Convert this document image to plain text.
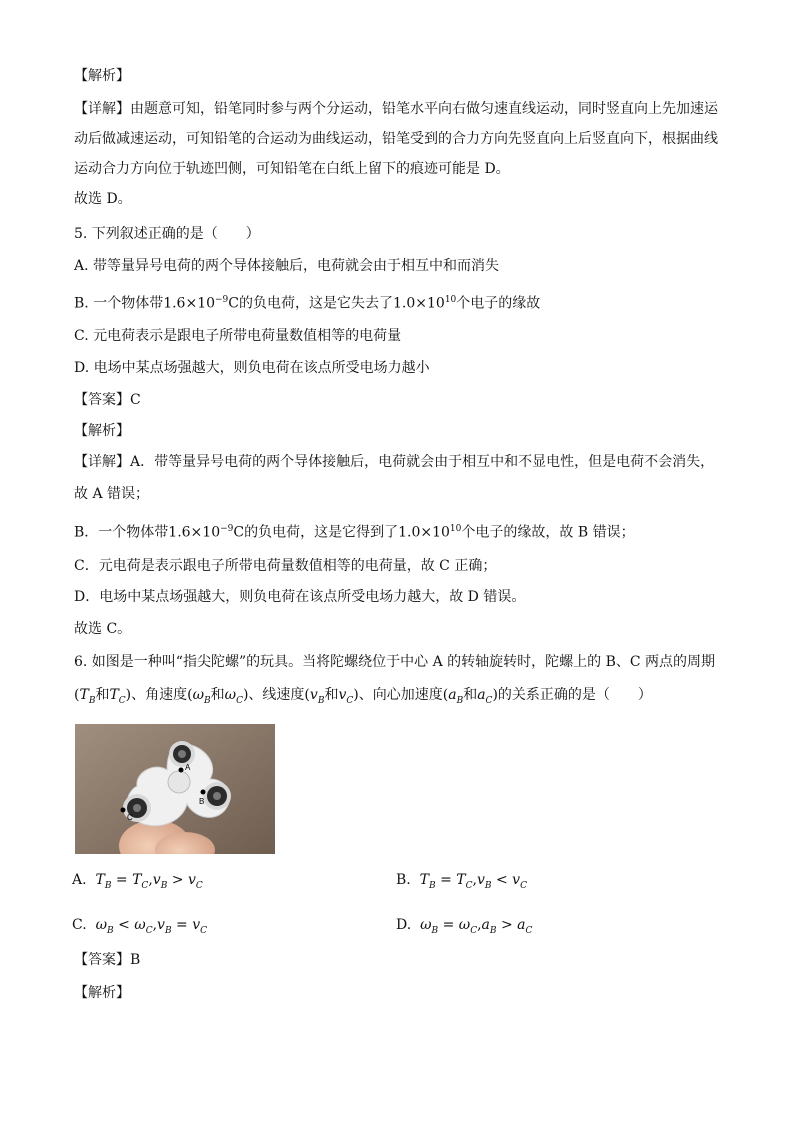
【解析】
【详解】由题意可知，铅笔同时参与两个分运动，铅笔水平向右做匀速直线运动，同时竖直向上先加速运
动后做减速运动，可知铅笔的合运动为曲线运动，铅笔受到的合力方向先竖直向上后竖直向下，根据曲线
运动合力方向位于轨迹凹侧，可知铅笔在白纸上留下的痕迹可能是 D。
故选 D。
5. 下列叙述正确的是（　　）
A. 带等量异号电荷的两个导体接触后，电荷就会由于相互中和而消失
B. 一个物体带$1.6\times 10^{-9}C$的负电荷，这是它失去了$1.0\times 10^{10}$个电子的缘故
C. 元电荷表示是跟电子所带电荷量数值相等的电荷量
D. 电场中某点场强越大，则负电荷在该点所受电场力越小
【答案】C
【解析】
【详解】A．带等量异号电荷的两个导体接触后，电荷就会由于相互中和不显电性，但是电荷不会消失，
故 A 错误；
B．一个物体带$1.6\times 10^{-9}C$的负电荷，这是它得到了$1.0\times 10^{10}$个电子的缘故，故 B 错误；
C．元电荷是表示跟电子所带电荷量数值相等的电荷量，故 C 正确；
D．电场中某点场强越大，则负电荷在该点所受电场力越大，故 D 错误。
故选 C。
6. 如图是一种叫“指尖陀螺”的玩具。当将陀螺绕位于中心 A 的转轴旋转时，陀螺上的 B、C 两点的周期
($T_B$和$T_C$)、角速度($\omega_B$和$\omega_C$)、线速度($v_B$和$v_C$)、向心加速度($a_B$和$a_C$)的关系正确的是（　　）
A
B
C
A. $T_B = T_C,v_B > v_C$	B. $T_B = T_C,v_B < v_C$
C. $\omega_B < \omega_C,v_B = v_C$	D. $\omega_B = \omega_C,a_B > a_C$
【答案】B
【解析】
